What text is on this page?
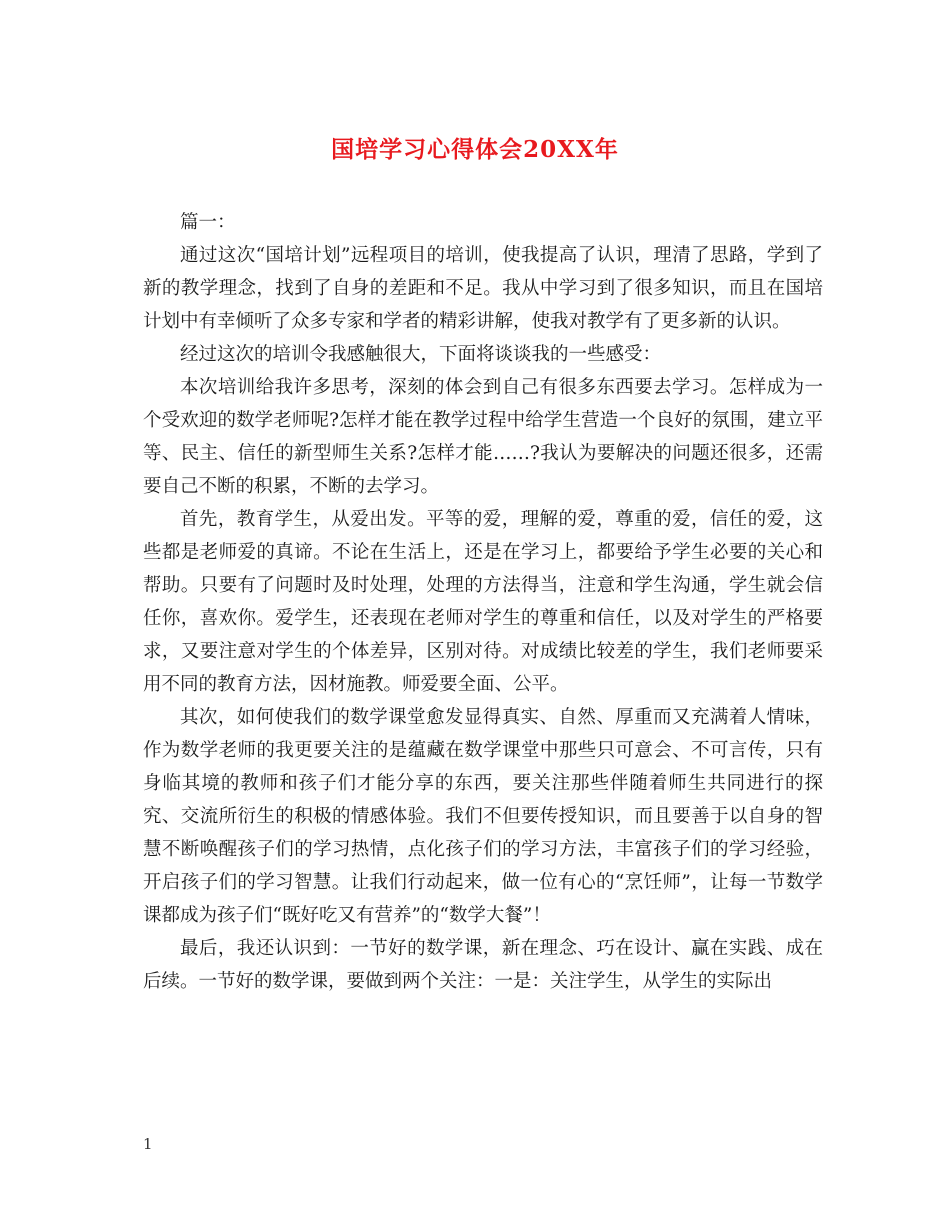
国培学习心得体会20XX年

篇一：

通过这次“国培计划”远程项目的培训，使我提高了认识，理清了思路，学到了新的教学理念，找到了自身的差距和不足。我从中学习到了很多知识，而且在国培计划中有幸倾听了众多专家和学者的精彩讲解，使我对教学有了更多新的认识。

经过这次的培训令我感触很大，下面将谈谈我的一些感受：

本次培训给我许多思考，深刻的体会到自己有很多东西要去学习。怎样成为一个受欢迎的数学老师呢?怎样才能在教学过程中给学生营造一个良好的氛围，建立平等、民主、信任的新型师生关系?怎样才能……?我认为要解决的问题还很多，还需要自己不断的积累，不断的去学习。

首先，教育学生，从爱出发。平等的爱，理解的爱，尊重的爱，信任的爱，这些都是老师爱的真谛。不论在生活上，还是在学习上，都要给予学生必要的关心和帮助。只要有了问题时及时处理，处理的方法得当，注意和学生沟通，学生就会信任你，喜欢你。爱学生，还表现在老师对学生的尊重和信任，以及对学生的严格要求，又要注意对学生的个体差异，区别对待。对成绩比较差的学生，我们老师要采用不同的教育方法，因材施教。师爱要全面、公平。

其次，如何使我们的数学课堂愈发显得真实、自然、厚重而又充满着人情味，作为数学老师的我更要关注的是蕴藏在数学课堂中那些只可意会、不可言传，只有身临其境的教师和孩子们才能分享的东西，要关注那些伴随着师生共同进行的探究、交流所衍生的积极的情感体验。我们不但要传授知识，而且要善于以自身的智慧不断唤醒孩子们的学习热情，点化孩子们的学习方法，丰富孩子们的学习经验，开启孩子们的学习智慧。让我们行动起来，做一位有心的“烹饪师”，让每一节数学课都成为孩子们“既好吃又有营养”的“数学大餐”！

最后，我还认识到：一节好的数学课，新在理念、巧在设计、赢在实践、成在后续。一节好的数学课，要做到两个关注：一是：关注学生，从学生的实际出

1
